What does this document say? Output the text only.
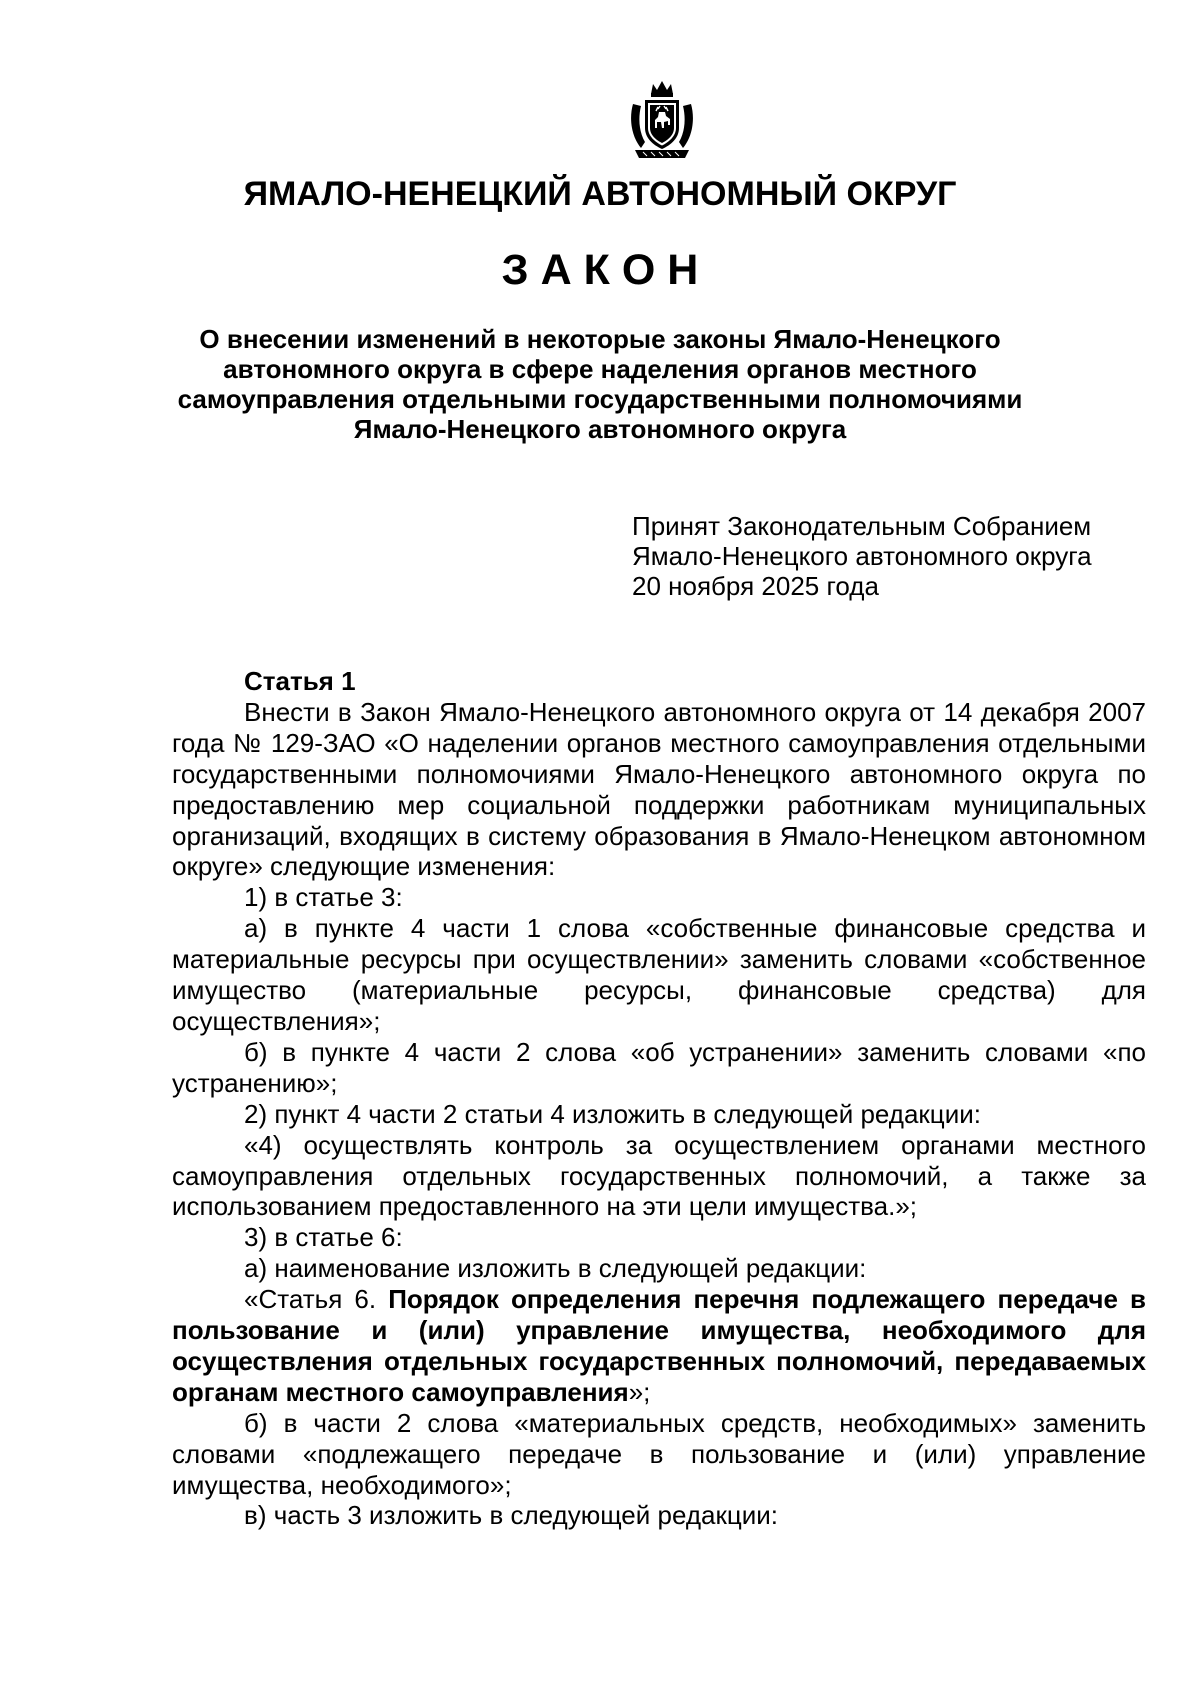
ЯМАЛО-НЕНЕЦКИЙ АВТОНОМНЫЙ ОКРУГ
ЗАКОН
О внесении изменений в некоторые законы Ямало-Ненецкого
автономного округа в сфере наделения органов местного
самоуправления отдельными государственными полномочиями
Ямало-Ненецкого автономного округа
Принят Законодательным Собранием
Ямало-Ненецкого автономного округа
20 ноября 2025 года

Статья 1

Внести в Закон Ямало-Ненецкого автономного округа от 14 декабря 2007 года № 129-ЗАО «О наделении органов местного самоуправления отдельными государственными полномочиями Ямало-Ненецкого автономного округа по предоставлению мер социальной поддержки работникам муниципальных организаций, входящих в систему образования в Ямало-Ненецком автономном округе» следующие изменения:

1) в статье 3:

а) в пункте 4 части 1 слова «собственные финансовые средства и материальные ресурсы при осуществлении» заменить словами «собственное имущество (материальные ресурсы, финансовые средства) для осуществления»;

б) в пункте 4 части 2 слова «об устранении» заменить словами «по устранению»;

2) пункт 4 части 2 статьи 4 изложить в следующей редакции:

«4) осуществлять контроль за осуществлением органами местного самоуправления отдельных государственных полномочий, а также за использованием предоставленного на эти цели имущества.»;

3) в статье 6:

а) наименование изложить в следующей редакции:

«Статья 6. Порядок определения перечня подлежащего передаче в пользование и (или) управление имущества, необходимого для осуществления отдельных государственных полномочий, передаваемых органам местного самоуправления»;

б) в части 2 слова «материальных средств, необходимых» заменить словами «подлежащего передаче в пользование и (или) управление имущества, необходимого»;

в) часть 3 изложить в следующей редакции:
